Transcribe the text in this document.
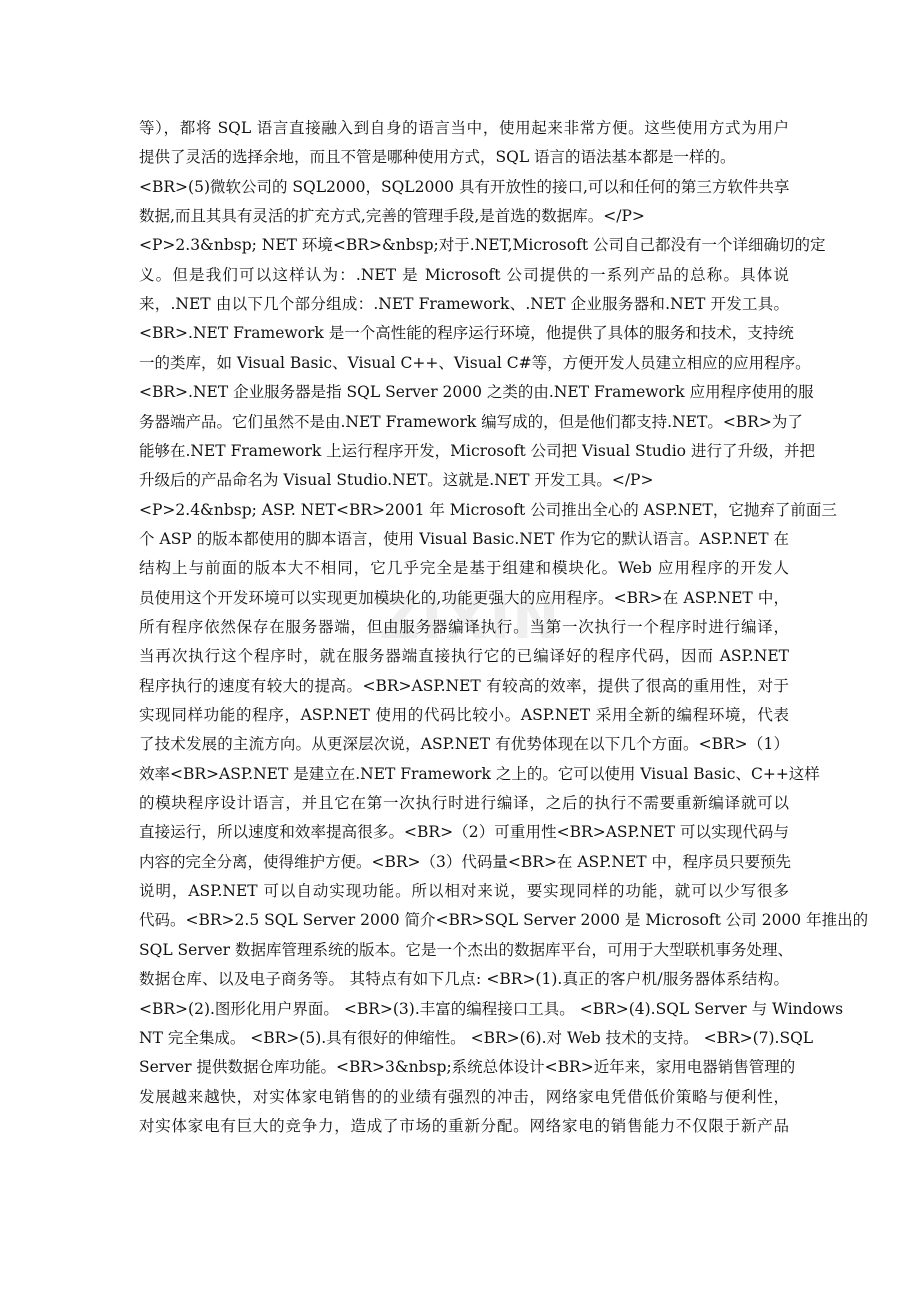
ZIXIN
等），都将 SQL 语言直接融入到自身的语言当中，使用起来非常方便。这些使用方式为用户
提供了灵活的选择余地，而且不管是哪种使用方式，SQL 语言的语法基本都是一样的。
<BR>(5)微软公司的 SQL2000，SQL2000 具有开放性的接口,可以和任何的第三方软件共享
数据,而且其具有灵活的扩充方式,完善的管理手段,是首选的数据库。</P>
<P>2.3&nbsp; NET 环境<BR>&nbsp;对于.NET,Microsoft 公司自己都没有一个详细确切的定
义。但是我们可以这样认为：.NET 是 Microsoft 公司提供的一系列产品的总称。具体说
来，.NET 由以下几个部分组成：.NET Framework、.NET 企业服务器和.NET 开发工具。
<BR>.NET Framework 是一个高性能的程序运行环境，他提供了具体的服务和技术，支持统
一的类库，如 Visual Basic、Visual C++、Visual C#等，方便开发人员建立相应的应用程序。
<BR>.NET 企业服务器是指 SQL Server 2000 之类的由.NET Framework 应用程序使用的服
务器端产品。它们虽然不是由.NET Framework 编写成的，但是他们都支持.NET。<BR>为了
能够在.NET Framework 上运行程序开发，Microsoft 公司把 Visual Studio 进行了升级，并把
升级后的产品命名为 Visual Studio.NET。这就是.NET 开发工具。</P>
<P>2.4&nbsp; ASP. NET<BR>2001 年 Microsoft 公司推出全心的 ASP.NET，它抛弃了前面三
个 ASP 的版本都使用的脚本语言，使用 Visual Basic.NET 作为它的默认语言。ASP.NET 在
结构上与前面的版本大不相同，它几乎完全是基于组建和模块化。Web 应用程序的开发人
员使用这个开发环境可以实现更加模块化的,功能更强大的应用程序。<BR>在 ASP.NET 中，
所有程序依然保存在服务器端，但由服务器编译执行。当第一次执行一个程序时进行编译，
当再次执行这个程序时，就在服务器端直接执行它的已编译好的程序代码，因而 ASP.NET
程序执行的速度有较大的提高。<BR>ASP.NET 有较高的效率，提供了很高的重用性，对于
实现同样功能的程序，ASP.NET 使用的代码比较小。ASP.NET 采用全新的编程环境，代表
了技术发展的主流方向。从更深层次说，ASP.NET 有优势体现在以下几个方面。<BR>（1）
效率<BR>ASP.NET 是建立在.NET Framework 之上的。它可以使用 Visual Basic、C++这样
的模块程序设计语言，并且它在第一次执行时进行编译，之后的执行不需要重新编译就可以
直接运行，所以速度和效率提高很多。<BR>（2）可重用性<BR>ASP.NET 可以实现代码与
内容的完全分离，使得维护方便。<BR>（3）代码量<BR>在 ASP.NET 中，程序员只要预先
说明，ASP.NET 可以自动实现功能。所以相对来说，要实现同样的功能，就可以少写很多
代码。<BR>2.5 SQL Server 2000 简介<BR>SQL Server 2000 是 Microsoft 公司 2000 年推出的
SQL Server 数据库管理系统的版本。它是一个杰出的数据库平台，可用于大型联机事务处理、
数据仓库、以及电子商务等。 其特点有如下几点: <BR>(1).真正的客户机/服务器体系结构。
<BR>(2).图形化用户界面。 <BR>(3).丰富的编程接口工具。 <BR>(4).SQL Server 与 Windows
NT 完全集成。 <BR>(5).具有很好的伸缩性。 <BR>(6).对 Web 技术的支持。 <BR>(7).SQL
Server 提供数据仓库功能。<BR>3&nbsp;系统总体设计<BR>近年来，家用电器销售管理的
发展越来越快，对实体家电销售的的业绩有强烈的冲击，网络家电凭借低价策略与便利性，
对实体家电有巨大的竞争力，造成了市场的重新分配。网络家电的销售能力不仅限于新产品
